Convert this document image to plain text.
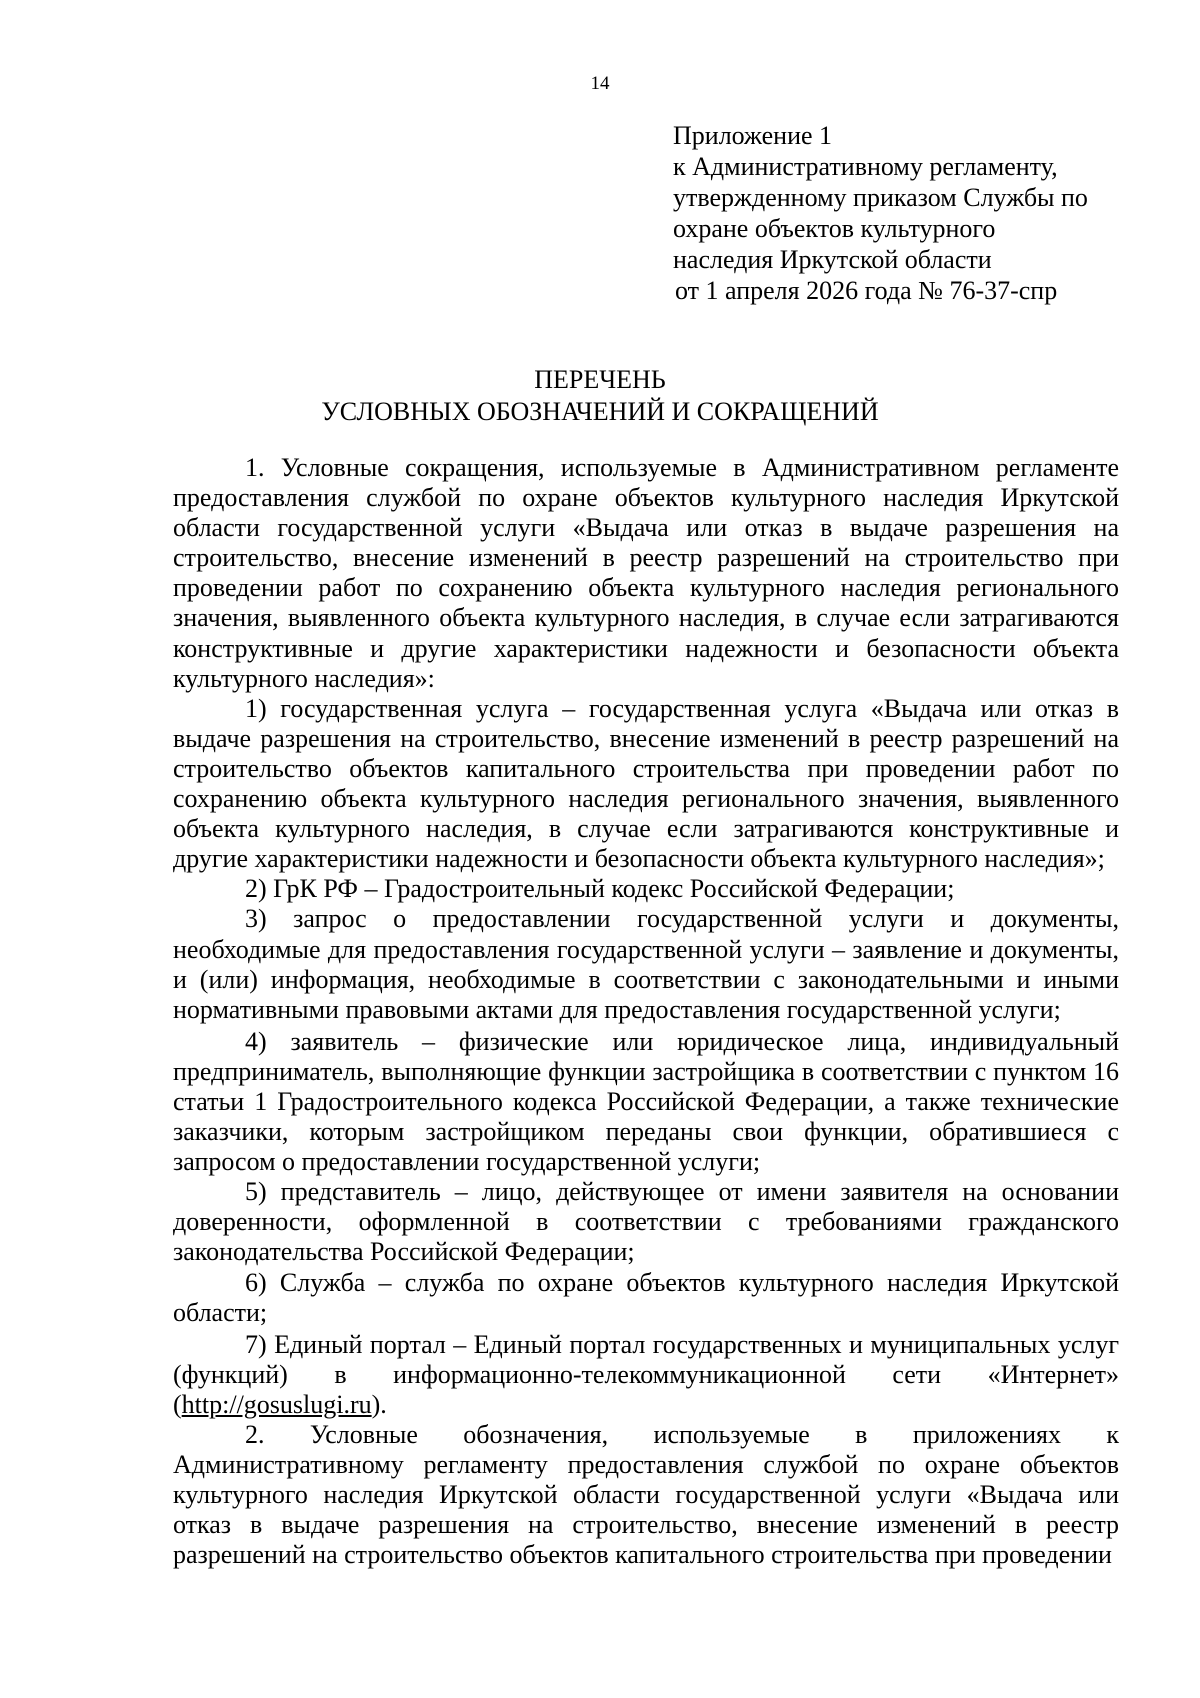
14
Приложение 1
к Административному регламенту,
утвержденному приказом Службы по
охране объектов культурного
наследия Иркутской области
от 1 апреля 2026 года № 76-37-спр
ПЕРЕЧЕНЬ
УСЛОВНЫХ ОБОЗНАЧЕНИЙ И СОКРАЩЕНИЙ

1. Условные сокращения, используемые в Административном регламенте предоставления службой по охране объектов культурного наследия Иркутской области государственной услуги «Выдача или отказ в выдаче разрешения на строительство, внесение изменений в реестр разрешений на строительство при проведении работ по сохранению объекта культурного наследия регионального значения, выявленного объекта культурного наследия, в случае если затрагиваются конструктивные и другие характеристики надежности и безопасности объекта культурного наследия»:

1) государственная услуга – государственная услуга «Выдача или отказ в выдаче разрешения на строительство, внесение изменений в реестр разрешений на строительство объектов капитального строительства при проведении работ по сохранению объекта культурного наследия регионального значения, выявленного объекта культурного наследия, в случае если затрагиваются конструктивные и другие характеристики надежности и безопасности объекта культурного наследия»;

2) ГрК РФ – Градостроительный кодекс Российской Федерации;

3) запрос о предоставлении государственной услуги и документы, необходимые для предоставления государственной услуги – заявление и документы, и (или) информация, необходимые в соответствии с законодательными и иными нормативными правовыми актами для предоставления государственной услуги;

4) заявитель – физические или юридическое лица, индивидуальный предприниматель, выполняющие функции застройщика в соответствии с пунктом 16 статьи 1 Градостроительного кодекса Российской Федерации, а также технические заказчики, которым застройщиком переданы свои функции, обратившиеся с запросом о предоставлении государственной услуги;

5) представитель – лицо, действующее от имени заявителя на основании доверенности, оформленной в соответствии с требованиями гражданского законодательства Российской Федерации;

6) Служба – служба по охране объектов культурного наследия Иркутской области;

7) Единый портал – Единый портал государственных и муниципальных услуг (функций) в информационно-телекоммуникационной сети «Интернет» (http://gosuslugi.ru).

2. Условные обозначения, используемые в приложениях к Административному регламенту предоставления службой по охране объектов культурного наследия Иркутской области государственной услуги «Выдача или отказ в выдаче разрешения на строительство, внесение изменений в реестр разрешений на строительство объектов капитального строительства при проведении
